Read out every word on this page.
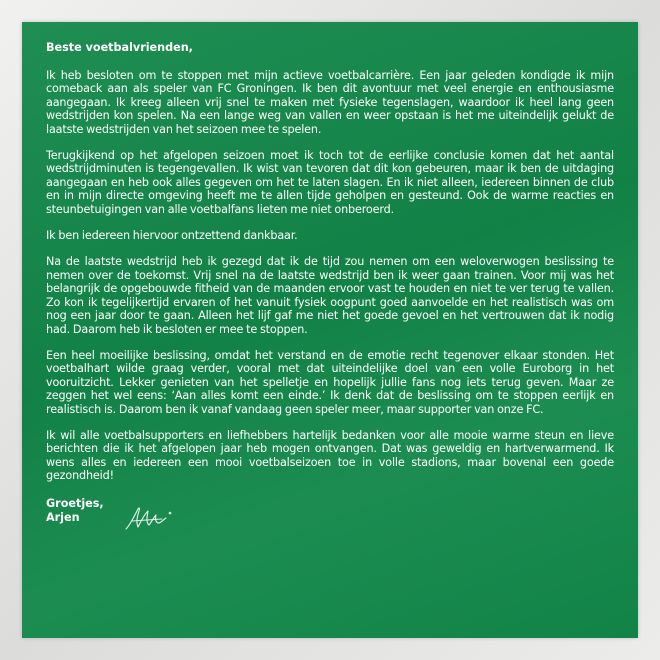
Beste voetbalvrienden,

Ik heb besloten om te stoppen met mijn actieve voetbalcarrière. Een jaar geleden kondigde ik mijn comeback aan als speler van FC Groningen. Ik ben dit avontuur met veel energie en enthousiasme aangegaan. Ik kreeg alleen vrij snel te maken met fysieke tegenslagen, waardoor ik heel lang geen wedstrijden kon spelen. Na een lange weg van vallen en weer opstaan is het me uiteindelijk gelukt de laatste wedstrijden van het seizoen mee te spelen.

Terugkijkend op het afgelopen seizoen moet ik toch tot de eerlijke conclusie komen dat het aantal wedstrijdminuten is tegengevallen. Ik wist van tevoren dat dit kon gebeuren, maar ik ben de uitdaging aangegaan en heb ook alles gegeven om het te laten slagen. En ik niet alleen, iedereen binnen de club en in mijn directe omgeving heeft me te allen tijde geholpen en gesteund. Ook de warme reacties en steunbetuigingen van alle voetbalfans lieten me niet onberoerd.

Ik ben iedereen hiervoor ontzettend dankbaar.

Na de laatste wedstrijd heb ik gezegd dat ik de tijd zou nemen om een weloverwogen beslissing te nemen over de toekomst. Vrij snel na de laatste wedstrijd ben ik weer gaan trainen. Voor mij was het belangrijk de opgebouwde fitheid van de maanden ervoor vast te houden en niet te ver terug te vallen. Zo kon ik tegelijkertijd ervaren of het vanuit fysiek oogpunt goed aanvoelde en het realistisch was om nog een jaar door te gaan. Alleen het lijf gaf me niet het goede gevoel en het vertrouwen dat ik nodig had. Daarom heb ik besloten er mee te stoppen.

Een heel moeilijke beslissing, omdat het verstand en de emotie recht tegenover elkaar stonden. Het voetbalhart wilde graag verder, vooral met dat uiteindelijke doel van een volle Euroborg in het vooruitzicht. Lekker genieten van het spelletje en hopelijk jullie fans nog iets terug geven. Maar ze zeggen het wel eens: ‘Aan alles komt een einde.’ Ik denk dat de beslissing om te stoppen eerlijk en realistisch is. Daarom ben ik vanaf vandaag geen speler meer, maar supporter van onze FC.

Ik wil alle voetbalsupporters en liefhebbers hartelijk bedanken voor alle mooie warme steun en lieve berichten die ik het afgelopen jaar heb mogen ontvangen. Dat was geweldig en hartverwarmend. Ik wens alles en iedereen een mooi voetbalseizoen toe in volle stadions, maar bovenal een goede gezondheid!

Groetjes,
Arjen
